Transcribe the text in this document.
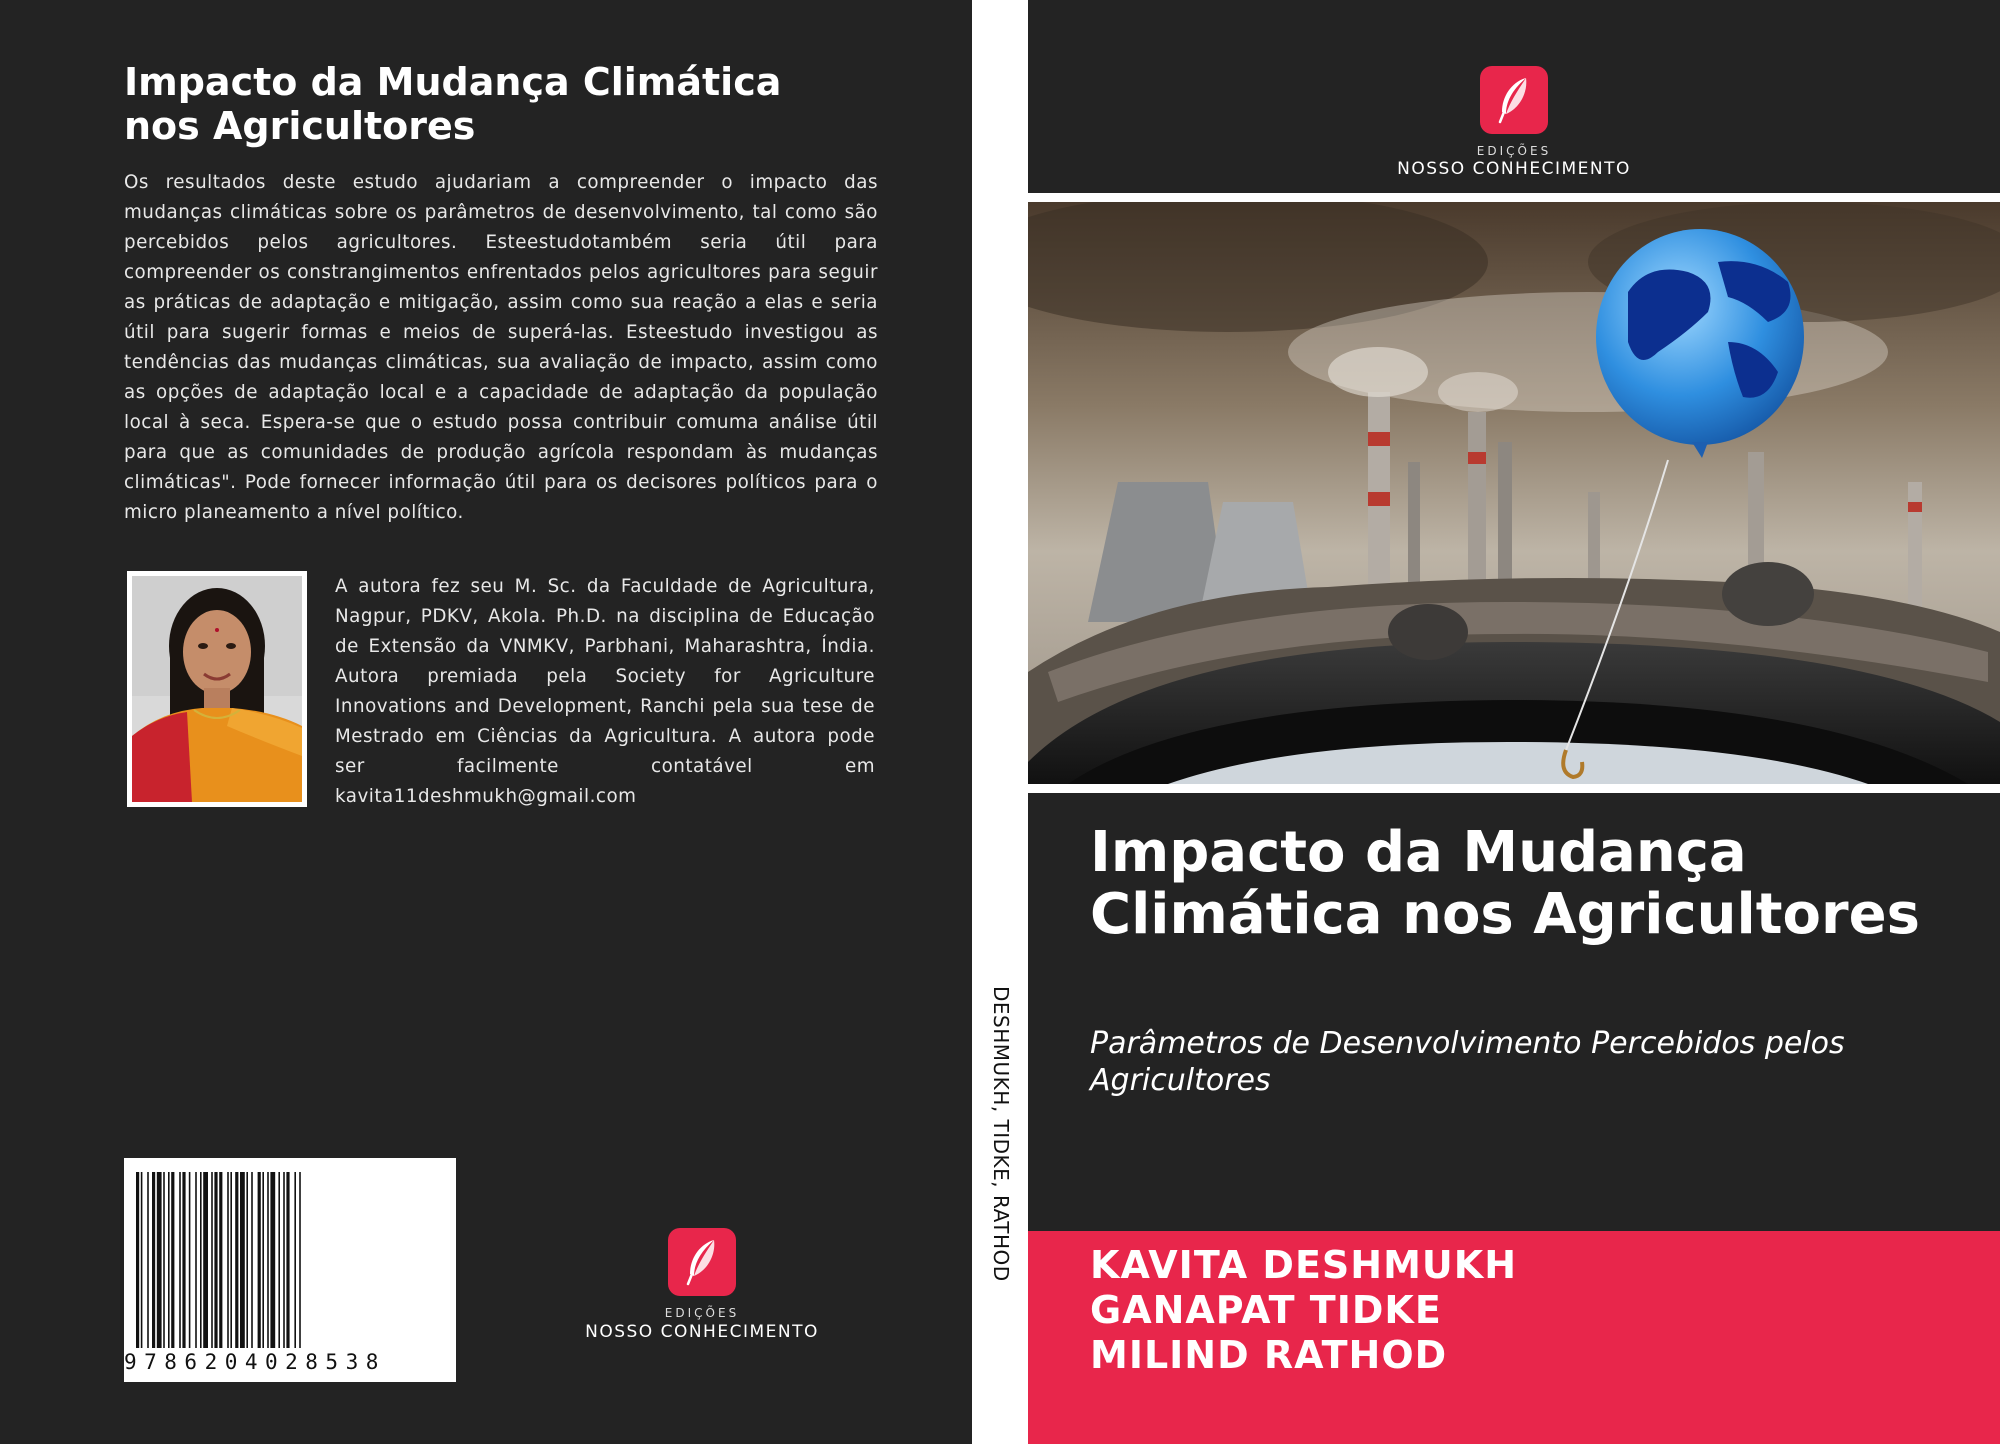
Impacto da Mudança Climática nos Agricultores

Os resultados deste estudo ajudariam a compreender o impacto das mudanças climáticas sobre os parâmetros de desenvolvimento, tal como são percebidos pelos agricultores. Esteestudotambém seria útil para compreender os constrangimentos enfrentados pelos agricultores para seguir as práticas de adaptação e mitigação, assim como sua reação a elas e seria útil para sugerir formas e meios de superá-las. Esteestudo investigou as tendências das mudanças climáticas, sua avaliação de impacto, assim como as opções de adaptação local e a capacidade de adaptação da população local à seca. Espera-se que o estudo possa contribuir comuma análise útil para que as comunidades de produção agrícola respondam às mudanças climáticas". Pode fornecer informação útil para os decisores políticos para o micro planeamento a nível político.

A autora fez seu M. Sc. da Faculdade de Agricultura, Nagpur, PDKV, Akola. Ph.D. na disciplina de Educação de Extensão da VNMKV, Parbhani, Maharashtra, Índia. Autora premiada pela Society for Agriculture Innovations and Development, Ranchi pela sua tese de Mestrado em Ciências da Agricultura. A autora pode ser facilmente contatável em kavita11deshmukh@gmail.com

9786204028538
EDIÇÕES
NOSSO CONHECIMENTO
DESHMUKH, TIDKE, RATHOD
EDIÇÕES
NOSSO CONHECIMENTO
Impacto da Mudança Climática nos Agricultores

Parâmetros de Desenvolvimento Percebidos pelos Agricultores

KAVITA DESHMUKH
GANAPAT TIDKE
MILIND RATHOD
